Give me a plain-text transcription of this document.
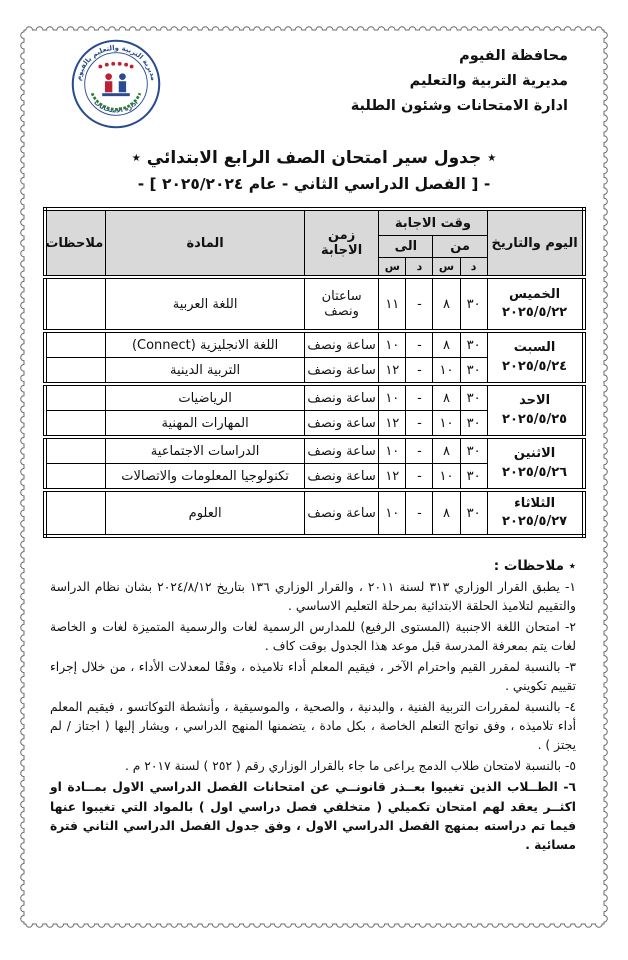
محافظة الفيوم
مديرية التربية والتعليم
ادارة الامتحانات وشئون الطلبة
مديرية التربية والتعليم بالفيوم
ادارة الامتحانات
٭ جدول سير امتحان الصف الرابع الابتدائي ٭
- [ الفصل الدراسي الثاني - عام ٢٠٢٥/٢٠٢٤ ] -
اليوم والتاريخ	وقت الاجابة				زمن الاجابة	المادة	ملاحظات
	من		الى				
	د	س	د	س			

الخميس
٢٠٢٥/٥/٢٢	٣٠	٨	-	١١	ساعتان ونصف	اللغة العربية	

السبت
٢٠٢٥/٥/٢٤	٣٠	٨	-	١٠	ساعة ونصف	اللغة الانجليزية (Connect)	
	٣٠	١٠	-	١٢	ساعة ونصف	التربية الدينية	

الاحد
٢٠٢٥/٥/٢٥	٣٠	٨	-	١٠	ساعة ونصف	الرياضيات	
	٣٠	١٠	-	١٢	ساعة ونصف	المهارات المهنية	

الاثنين
٢٠٢٥/٥/٢٦	٣٠	٨	-	١٠	ساعة ونصف	الدراسات الاجتماعية	
	٣٠	١٠	-	١٢	ساعة ونصف	تكنولوجيا المعلومات والاتصالات	

الثلاثاء
٢٠٢٥/٥/٢٧	٣٠	٨	-	١٠	ساعة ونصف	العلوم	
٭ ملاحظات :

١- يطبق القرار الوزاري ٣١٣ لسنة ٢٠١١ ، والقرار الوزاري ١٣٦ بتاريخ ٢٠٢٤/٨/١٢ بشان نظام الدراسة والتقييم لتلاميذ الحلقة الابتدائية بمرحلة التعليم الاساسي .

٢- امتحان اللغة الاجنبية (المستوى الرفيع) للمدارس الرسمية لغات والرسمية المتميزة لغات و الخاصة لغات يتم بمعرفة المدرسة قبل موعد هذا الجدول بوقت كاف .

٣- بالنسبة لمقرر القيم واحترام الآخر ، فيقيم المعلم أداء تلاميذه ، وفقًا لمعدلات الأداء ، من خلال إجراء تقييم تكويني .

٤- بالنسبة لمقررات التربية الفنية ، والبدنية ، والصحية ، والموسيقية ، وأنشطة التوكاتسو ، فيقيم المعلم أداء تلاميذه ، وفق نواتج التعلم الخاصة ، بكل مادة ، يتضمنها المنهج الدراسي ، ويشار إليها ( اجتاز / لم يجتز ) .

٥- بالنسبة لامتحان طلاب الدمج يراعى ما جاء بالقرار الوزاري رقم ( ٢٥٢ ) لسنة ٢٠١٧ م .

٦- الطــلاب الذين تغيبوا بعــذر قانونــي عن امتحانات الفصل الدراسي الاول بمــادة او اكثــر يعقد لهم امتحان تكميلي ( متخلفي فصل دراسي اول ) بالمواد التي تغيبوا عنها فيما تم دراسته بمنهج الفصل الدراسي الاول ، وفق جدول الفصل الدراسي الثاني فترة مسائية .
